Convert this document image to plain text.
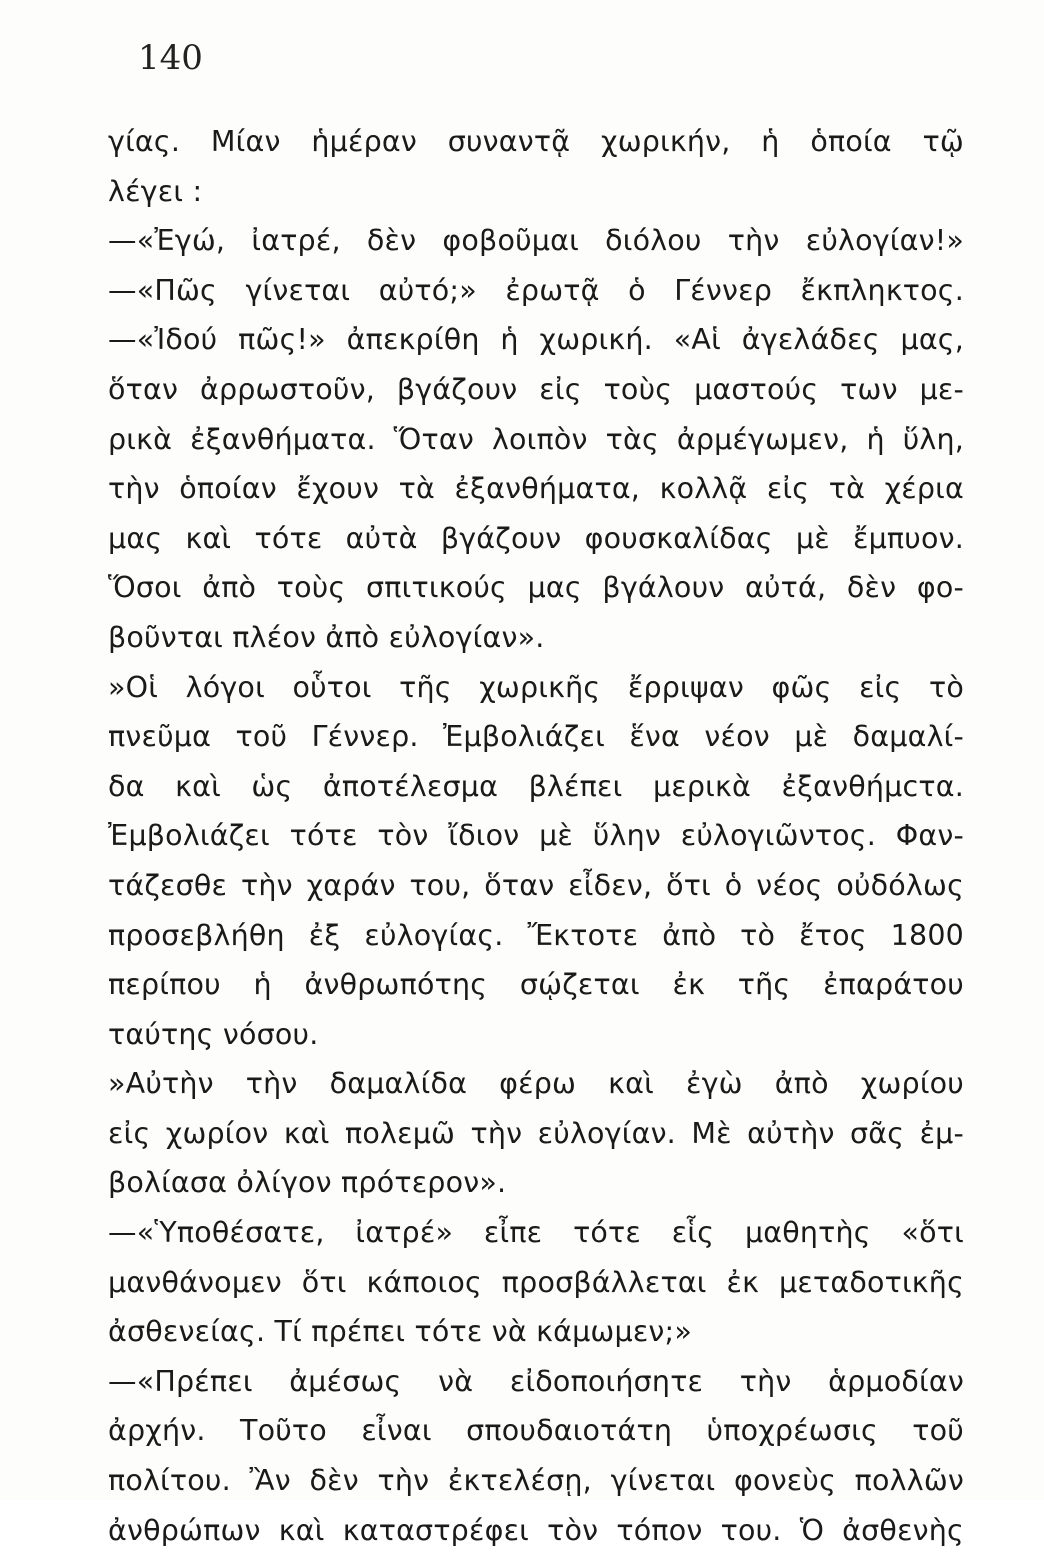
140
γίας. Μίαν ἡμέραν συναντᾷ χωρικήν, ἡ ὁποία τῷ
λέγει :
—«Ἐγώ, ἰατρέ, δὲν φοβοῦμαι διόλου τὴν εὐλογίαν!»
—«Πῶς γίνεται αὐτό;» ἐρωτᾷ ὁ Γέννερ ἔκπληκτος.
—«Ἰδού πῶς!» ἀπεκρίθη ἡ χωρική. «Αἱ ἀγελάδες μας,
ὅταν ἀρρωστοῦν, βγάζουν εἰς τοὺς μαστούς των με-
ρικὰ ἐξανθήματα. Ὅταν λοιπὸν τὰς ἀρμέγωμεν, ἡ ὕλη,
τὴν ὁποίαν ἔχουν τὰ ἐξανθήματα, κολλᾷ εἰς τὰ χέρια
μας καὶ τότε αὐτὰ βγάζουν φουσκαλίδας μὲ ἔμπυον.
Ὅσοι ἀπὸ τοὺς σπιτικούς μας βγάλουν αὐτά, δὲν φο-
βοῦνται πλέον ἀπὸ εὐλογίαν».
»Οἱ λόγοι οὗτοι τῆς χωρικῆς ἔρριψαν φῶς εἰς τὸ
πνεῦμα τοῦ Γέννερ. Ἐμβολιάζει ἕνα νέον μὲ δαμαλί-
δα καὶ ὡς ἀποτέλεσμα βλέπει μερικὰ ἐξανθήμcτα.
Ἐμβολιάζει τότε τὸν ἴδιον μὲ ὕλην εὐλογιῶντος. Φαν-
τάζεσθε τὴν χαράν του, ὅταν εἶδεν, ὅτι ὁ νέος οὐδόλως
προσεβλήθη ἐξ εὐλογίας. Ἔκτοτε ἀπὸ τὸ ἔτος 1800
περίπου ἡ ἀνθρωπότης σῴζεται ἐκ τῆς ἐπαράτου
ταύτης νόσου.
»Αὐτὴν τὴν δαμαλίδα φέρω καὶ ἐγὼ ἀπὸ χωρίου
εἰς χωρίον καὶ πολεμῶ τὴν εὐλογίαν. Μὲ αὐτὴν σᾶς ἐμ-
βολίασα ὀλίγον πρότερον».
—«Ὑποθέσατε, ἰατρέ» εἶπε τότε εἷς μαθητὴς «ὅτι
μανθάνομεν ὅτι κάποιος προσβάλλεται ἐκ μεταδοτικῆς
ἀσθενείας. Τί πρέπει τότε νὰ κάμωμεν;»
—«Πρέπει ἀμέσως νὰ εἰδοποιήσητε τὴν ἁρμοδίαν
ἀρχήν. Τοῦτο εἶναι σπουδαιοτάτη ὑποχρέωσις τοῦ
πολίτου. Ἂν δὲν τὴν ἐκτελέσῃ, γίνεται φονεὺς πολλῶν
ἀνθρώπων καὶ καταστρέφει τὸν τόπον του. Ὁ ἀσθενὴς
